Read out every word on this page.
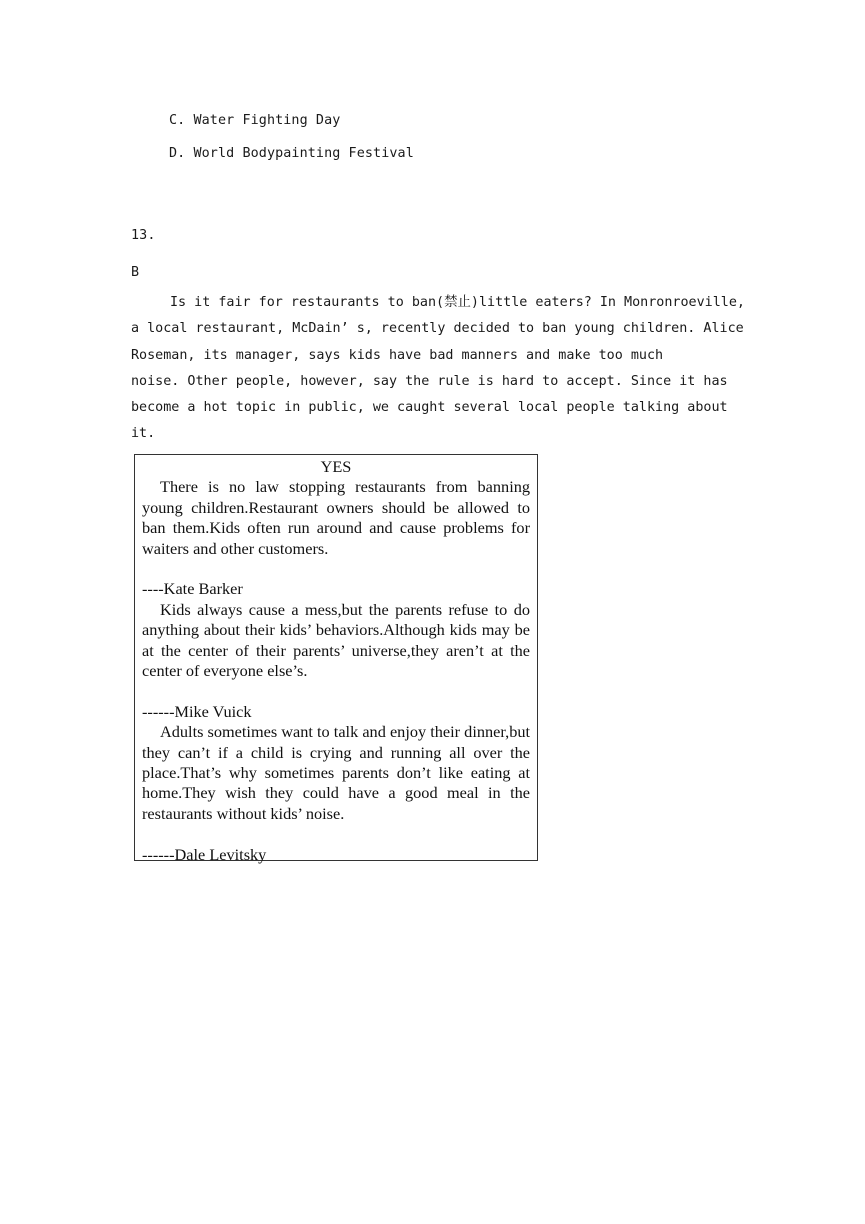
C. Water Fighting Day
D. World Bodypainting Festival
13.
B
Is it fair for restaurants to ban(禁止)little eaters? In Monronroeville,
a local restaurant, McDain’ s, recently decided to ban young children. Alice
Roseman, its manager, says kids have bad manners and make too much
noise. Other people, however, say the rule is hard to accept. Since it has
become a hot topic in public, we caught several local people talking about
it.
YES
There is no law stopping restaurants from banning young children.Restaurant owners should be allowed to ban them.Kids often run around and cause problems for waiters and other customers.
----Kate Barker
Kids always cause a mess,but the parents refuse to do anything about their kids’ behaviors.Although kids may be at the center of their parents’ universe,they aren’t at the center of everyone else’s.
------Mike Vuick
Adults sometimes want to talk and enjoy their dinner,but they can’t if a child is crying and running all over the place.That’s why sometimes parents don’t like eating at home.They wish they could have a good meal in the restaurants without kids’ noise.
------Dale Levitsky
